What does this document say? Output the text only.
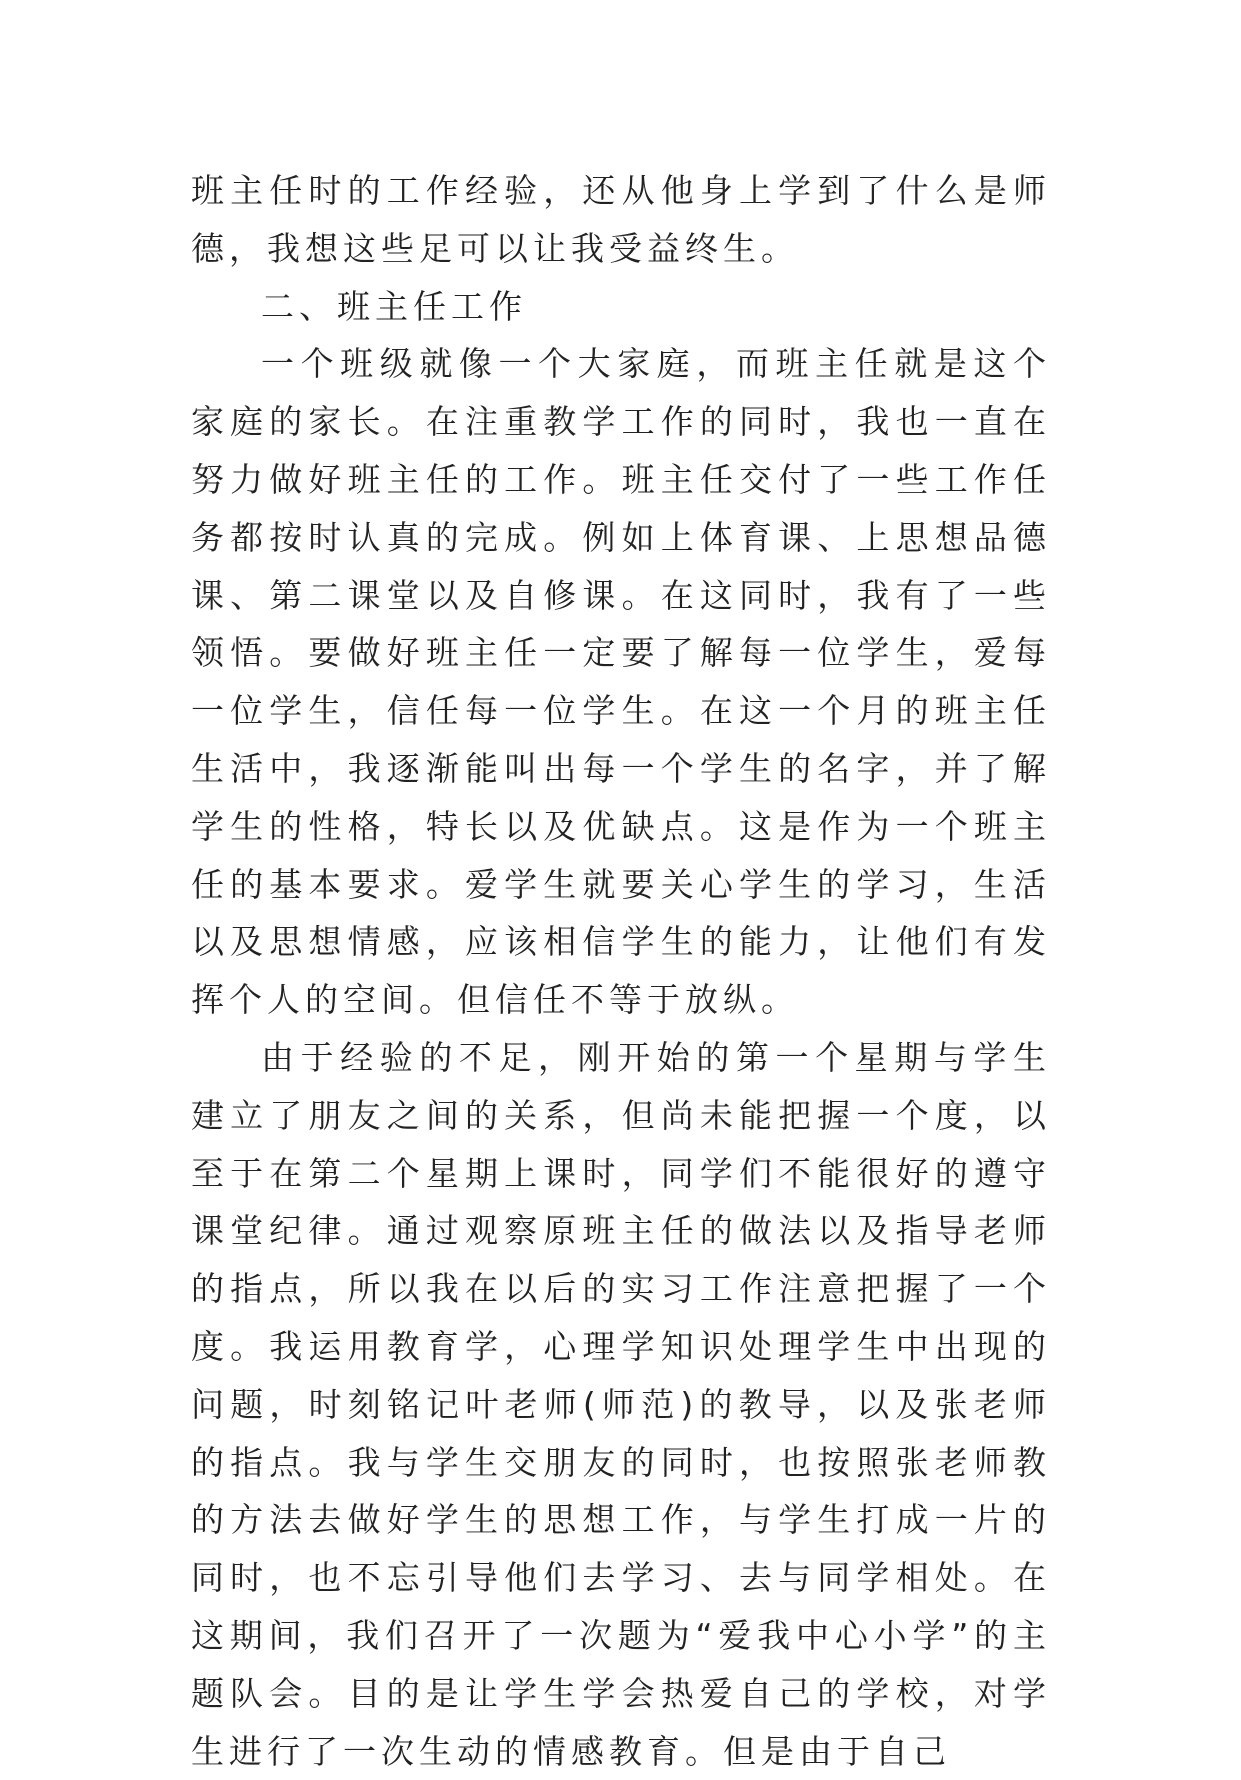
班主任时的工作经验，还从他身上学到了什么是师德，我想这些足可以让我受益终生。

二、班主任工作

一个班级就像一个大家庭，而班主任就是这个家庭的家长。在注重教学工作的同时，我也一直在努力做好班主任的工作。班主任交付了一些工作任务都按时认真的完成。例如上体育课、上思想品德课、第二课堂以及自修课。在这同时，我有了一些领悟。要做好班主任一定要了解每一位学生，爱每一位学生，信任每一位学生。在这一个月的班主任生活中，我逐渐能叫出每一个学生的名字，并了解学生的性格，特长以及优缺点。这是作为一个班主任的基本要求。爱学生就要关心学生的学习，生活以及思想情感，应该相信学生的能力，让他们有发挥个人的空间。但信任不等于放纵。

由于经验的不足，刚开始的第一个星期与学生建立了朋友之间的关系，但尚未能把握一个度，以至于在第二个星期上课时，同学们不能很好的遵守课堂纪律。通过观察原班主任的做法以及指导老师的指点，所以我在以后的实习工作注意把握了一个度。我运用教育学，心理学知识处理学生中出现的问题，时刻铭记叶老师(师范)的教导，以及张老师的指点。我与学生交朋友的同时，也按照张老师教的方法去做好学生的思想工作，与学生打成一片的同时，也不忘引导他们去学习、去与同学相处。在这期间，我们召开了一次题为“爱我中心小学”的主题队会。目的是让学生学会热爱自己的学校，对学生进行了一次生动的情感教育。但是由于自己
